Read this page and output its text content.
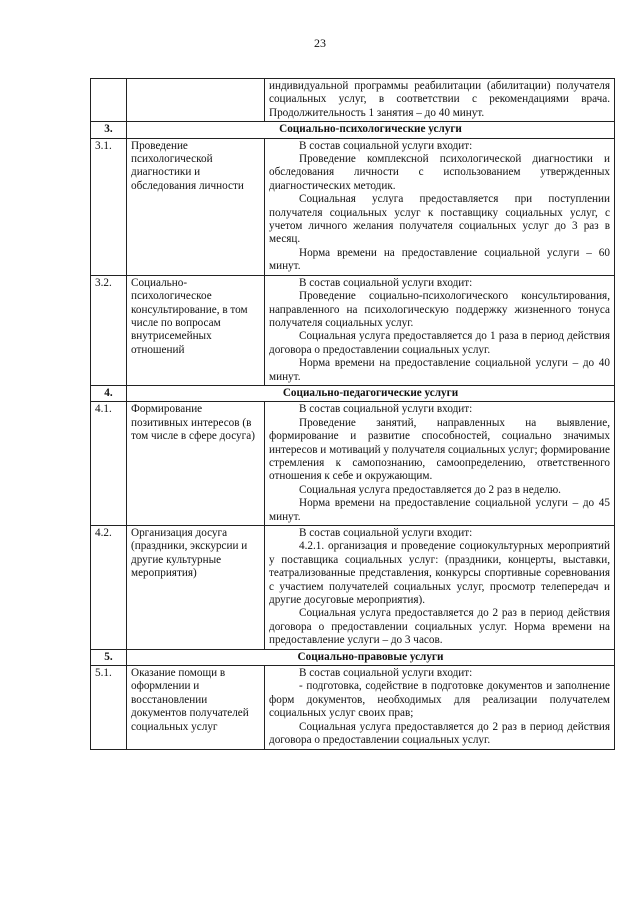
23

		индивидуальной программы реабилитации (абилитации) получателя социальных услуг, в соответствии с рекомендациями врача. Продолжительность 1 занятия – до 40 минут.

3.	Социально-психологические услуги	
3.1.	Проведение психологической диагностики и обследования личности	В состав социальной услуги входит:

Проведение комплексной психологической диагностики и обследования личности с использованием утвержденных диагностических методик.

Социальная услуга предоставляется при поступлении получателя социальных услуг к поставщику социальных услуг, с учетом личного желания получателя социальных услуг до 3 раз в месяц.

Норма времени на предоставление социальной услуги – 60 минут.

3.2.	Социально-психологическое консультирование, в том числе по вопросам внутрисемейных отношений	В состав социальной услуги входит:

Проведение социально-психологического консультирования, направленного на психологическую поддержку жизненного тонуса получателя социальных услуг.

Социальная услуга предоставляется до 1 раза в период действия договора о предоставлении социальных услуг.

Норма времени на предоставление социальной услуги – до 40 минут.

4.	Социально-педагогические услуги	
4.1.	Формирование позитивных интересов (в том числе в сфере досуга)	В состав социальной услуги входит:

Проведение занятий, направленных на выявление, формирование и развитие способностей, социально значимых интересов и мотиваций у получателя социальных услуг; формирование стремления к самопознанию, самоопределению, ответственного отношения к себе и окружающим.

Социальная услуга предоставляется до 2 раз в неделю.

Норма времени на предоставление социальной услуги – до 45 минут.

4.2.	Организация досуга (праздники, экскурсии и другие культурные мероприятия)	В состав социальной услуги входит:

4.2.1. организация и проведение социокультурных мероприятий у поставщика социальных услуг: (праздники, концерты, выставки, театрализованные представления, конкурсы спортивные соревнования с участием получателей социальных услуг, просмотр телепередач и другие досуговые мероприятия).

Социальная услуга предоставляется до 2 раз в период действия договора о предоставлении социальных услуг. Норма времени на предоставление услуги – до 3 часов.

5.	Социально-правовые услуги	
5.1.	Оказание помощи в оформлении и восстановлении документов получателей социальных услуг	В состав социальной услуги входит:

- подготовка, содействие в подготовке документов и заполнение форм документов, необходимых для реализации получателем социальных услуг своих прав;

Социальная услуга предоставляется до 2 раз в период действия договора о предоставлении социальных услуг.
